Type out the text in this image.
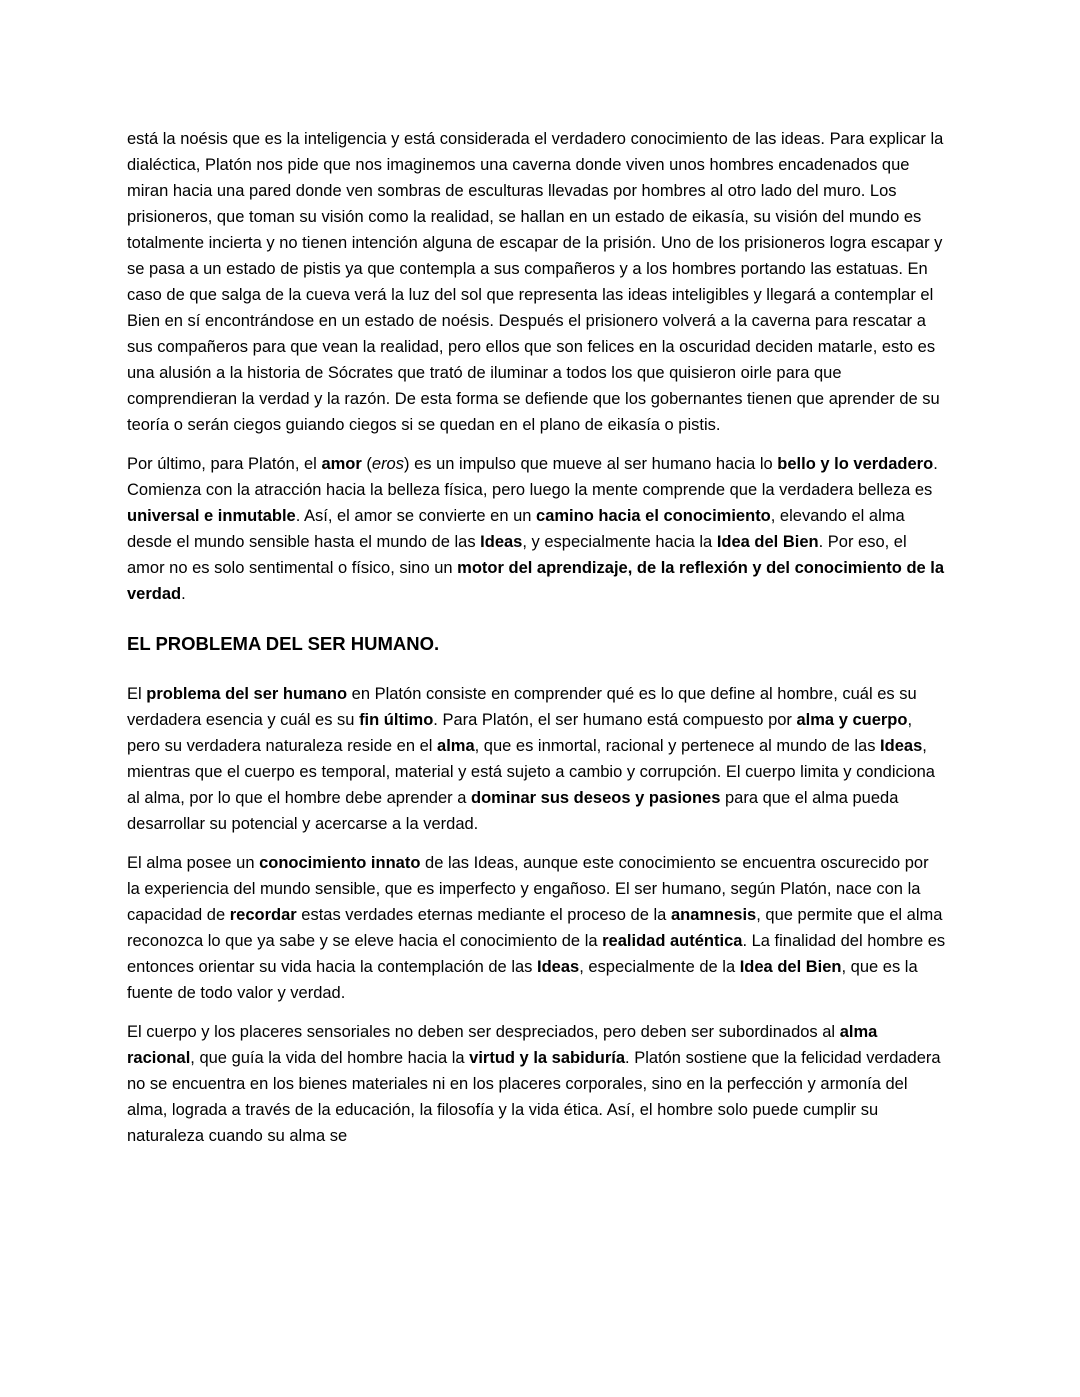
está la noésis que es la inteligencia y está considerada el verdadero conocimiento de las ideas. Para explicar la dialéctica, Platón nos pide que nos imaginemos una caverna donde viven unos hombres encadenados que miran hacia una pared donde ven sombras de esculturas llevadas por hombres al otro lado del muro. Los prisioneros, que toman su visión como la realidad, se hallan en un estado de eikasía, su visión del mundo es totalmente incierta y no tienen intención alguna de escapar de la prisión. Uno de los prisioneros logra escapar y se pasa a un estado de pistis ya que contempla a sus compañeros y a los hombres portando las estatuas. En caso de que salga de la cueva verá la luz del sol que representa las ideas inteligibles y llegará a contemplar el Bien en sí encontrándose en un estado de noésis. Después el prisionero volverá a la caverna para rescatar a sus compañeros para que vean la realidad, pero ellos que son felices en la oscuridad deciden matarle, esto es una alusión a la historia de Sócrates que trató de iluminar a todos los que quisieron oirle para que comprendieran la verdad y la razón. De esta forma se defiende que los gobernantes tienen que aprender de su teoría o serán ciegos guiando ciegos si se quedan en el plano de eikasía o pistis.

Por último, para Platón, el amor (eros) es un impulso que mueve al ser humano hacia lo bello y lo verdadero. Comienza con la atracción hacia la belleza física, pero luego la mente comprende que la verdadera belleza es universal e inmutable. Así, el amor se convierte en un camino hacia el conocimiento, elevando el alma desde el mundo sensible hasta el mundo de las Ideas, y especialmente hacia la Idea del Bien. Por eso, el amor no es solo sentimental o físico, sino un motor del aprendizaje, de la reflexión y del conocimiento de la verdad.

EL PROBLEMA DEL SER HUMANO.

El problema del ser humano en Platón consiste en comprender qué es lo que define al hombre, cuál es su verdadera esencia y cuál es su fin último. Para Platón, el ser humano está compuesto por alma y cuerpo, pero su verdadera naturaleza reside en el alma, que es inmortal, racional y pertenece al mundo de las Ideas, mientras que el cuerpo es temporal, material y está sujeto a cambio y corrupción. El cuerpo limita y condiciona al alma, por lo que el hombre debe aprender a dominar sus deseos y pasiones para que el alma pueda desarrollar su potencial y acercarse a la verdad.

El alma posee un conocimiento innato de las Ideas, aunque este conocimiento se encuentra oscurecido por la experiencia del mundo sensible, que es imperfecto y engañoso. El ser humano, según Platón, nace con la capacidad de recordar estas verdades eternas mediante el proceso de la anamnesis, que permite que el alma reconozca lo que ya sabe y se eleve hacia el conocimiento de la realidad auténtica. La finalidad del hombre es entonces orientar su vida hacia la contemplación de las Ideas, especialmente de la Idea del Bien, que es la fuente de todo valor y verdad.

El cuerpo y los placeres sensoriales no deben ser despreciados, pero deben ser subordinados al alma racional, que guía la vida del hombre hacia la virtud y la sabiduría. Platón sostiene que la felicidad verdadera no se encuentra en los bienes materiales ni en los placeres corporales, sino en la perfección y armonía del alma, lograda a través de la educación, la filosofía y la vida ética. Así, el hombre solo puede cumplir su naturaleza cuando su alma se
